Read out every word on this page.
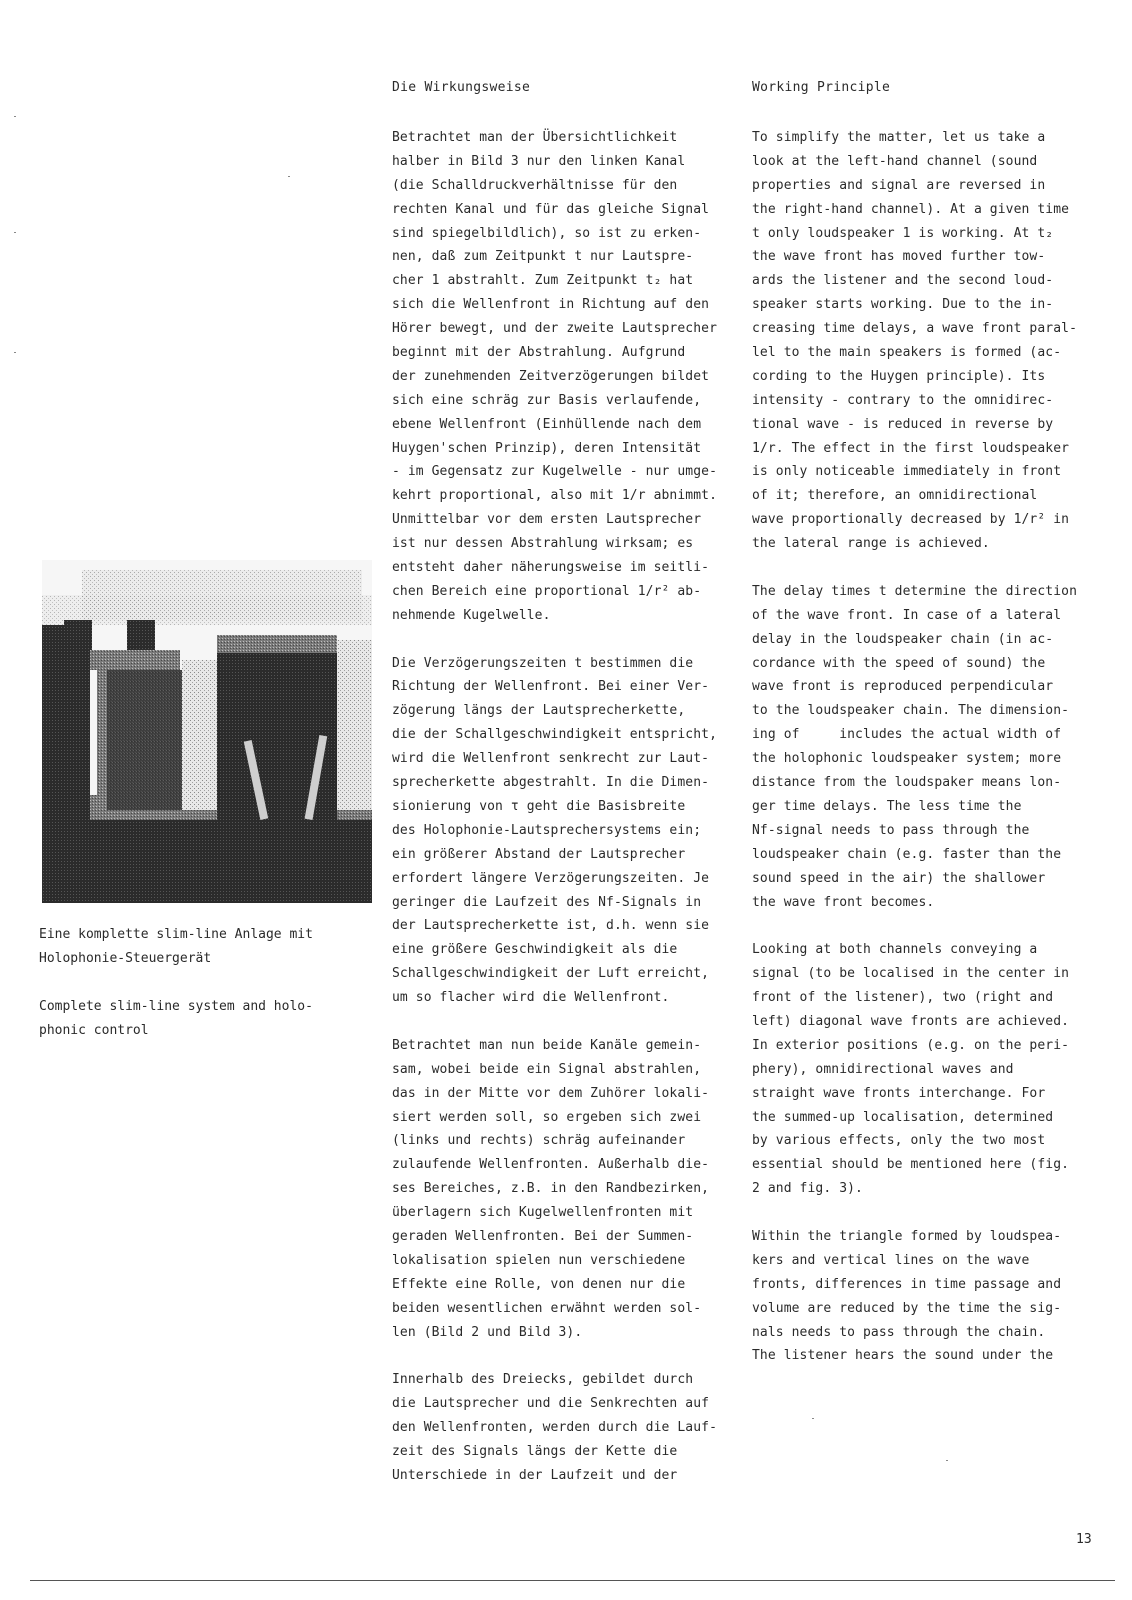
Die Wirkungsweise	Working Principle
Betrachtet man der Übersichtlichkeit
halber in Bild 3 nur den linken Kanal
(die Schalldruckverhältnisse für den
rechten Kanal und für das gleiche Signal
sind spiegelbildlich), so ist zu erken-
nen, daß zum Zeitpunkt t nur Lautspre-
cher 1 abstrahlt. Zum Zeitpunkt t₂ hat
sich die Wellenfront in Richtung auf den
Hörer bewegt, und der zweite Lautsprecher
beginnt mit der Abstrahlung. Aufgrund
der zunehmenden Zeitverzögerungen bildet
sich eine schräg zur Basis verlaufende,
ebene Wellenfront (Einhüllende nach dem
Huygen'schen Prinzip), deren Intensität
- im Gegensatz zur Kugelwelle - nur umge-
kehrt proportional, also mit 1/r abnimmt.
Unmittelbar vor dem ersten Lautsprecher
ist nur dessen Abstrahlung wirksam; es
entsteht daher näherungsweise im seitli-
chen Bereich eine proportional 1/r² ab-
nehmende Kugelwelle.
Die Verzögerungszeiten t bestimmen die
Richtung der Wellenfront. Bei einer Ver-
zögerung längs der Lautsprecherkette,
die der Schallgeschwindigkeit entspricht,
wird die Wellenfront senkrecht zur Laut-
sprecherkette abgestrahlt. In die Dimen-
sionierung von τ geht die Basisbreite
des Holophonie-Lautsprechersystems ein;
ein größerer Abstand der Lautsprecher
erfordert längere Verzögerungszeiten. Je
geringer die Laufzeit des Nf-Signals in
der Lautsprecherkette ist, d.h. wenn sie
eine größere Geschwindigkeit als die
Schallgeschwindigkeit der Luft erreicht,
um so flacher wird die Wellenfront.
Betrachtet man nun beide Kanäle gemein-
sam, wobei beide ein Signal abstrahlen,
das in der Mitte vor dem Zuhörer lokali-
siert werden soll, so ergeben sich zwei
(links und rechts) schräg aufeinander
zulaufende Wellenfronten. Außerhalb die-
ses Bereiches, z.B. in den Randbezirken,
überlagern sich Kugelwellenfronten mit
geraden Wellenfronten. Bei der Summen-
lokalisation spielen nun verschiedene
Effekte eine Rolle, von denen nur die
beiden wesentlichen erwähnt werden sol-
len (Bild 2 und Bild 3).
Innerhalb des Dreiecks, gebildet durch
die Lautsprecher und die Senkrechten auf
den Wellenfronten, werden durch die Lauf-
zeit des Signals längs der Kette die
Unterschiede in der Laufzeit und der
To simplify the matter, let us take a
look at the left-hand channel (sound
properties and signal are reversed in
the right-hand channel). At a given time
t only loudspeaker 1 is working. At t₂
the wave front has moved further tow-
ards the listener and the second loud-
speaker starts working. Due to the in-
creasing time delays, a wave front paral-
lel to the main speakers is formed (ac-
cording to the Huygen principle). Its
intensity - contrary to the omnidirec-
tional wave - is reduced in reverse by
1/r. The effect in the first loudspeaker
is only noticeable immediately in front
of it; therefore, an omnidirectional
wave proportionally decreased by 1/r² in
the lateral range is achieved.
The delay times t determine the direction
of the wave front. In case of a lateral
delay in the loudspeaker chain (in ac-
cordance with the speed of sound) the
wave front is reproduced perpendicular
to the loudspeaker chain. The dimension-
ing of     includes the actual width of
the holophonic loudspeaker system; more
distance from the loudspaker means lon-
ger time delays. The less time the
Nf-signal needs to pass through the
loudspeaker chain (e.g. faster than the
sound speed in the air) the shallower
the wave front becomes.
Looking at both channels conveying a
signal (to be localised in the center in
front of the listener), two (right and
left) diagonal wave fronts are achieved.
In exterior positions (e.g. on the peri-
phery), omnidirectional waves and
straight wave fronts interchange. For
the summed-up localisation, determined
by various effects, only the two most
essential should be mentioned here (fig.
2 and fig. 3).
Within the triangle formed by loudspea-
kers and vertical lines on the wave
fronts, differences in time passage and
volume are reduced by the time the sig-
nals needs to pass through the chain.
The listener hears the sound under the
Eine komplette slim-line Anlage mit
Holophonie-Steuergerät
Complete slim-line system and holo-
phonic control
13
